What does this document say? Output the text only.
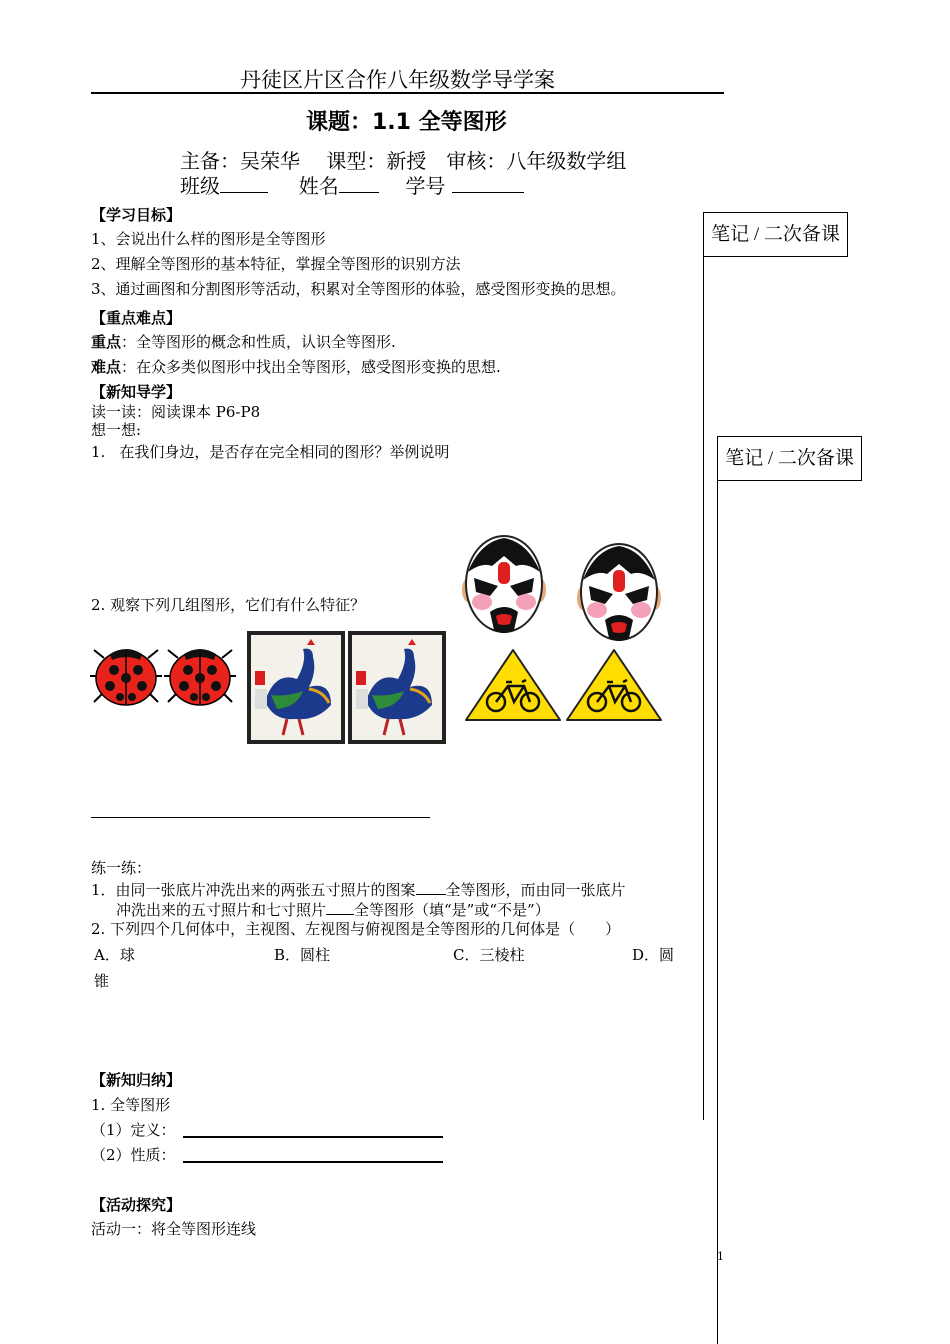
丹徒区片区合作八年级数学导学案
课题：1.1 全等图形
主备：吴荣华　 课型：新授　审核：八年级数学组
班级	姓名	学号
笔记 / 二次备课
笔记 / 二次备课
【学习目标】
1、会说出什么样的图形是全等图形
2、理解全等图形的基本特征，掌握全等图形的识别方法
3、通过画图和分割图形等活动，积累对全等图形的体验，感受图形变换的思想。
【重点难点】
重点：全等图形的概念和性质，认识全等图形.
难点：在众多类似图形中找出全等图形，感受图形变换的思想.
【新知导学】
读一读：阅读课本 P6-P8
想一想:
1. 在我们身边，是否存在完全相同的图形？举例说明
2. 观察下列几组图形，它们有什么特征？
练一练：
1．由同一张底片冲洗出来的两张五寸照片的图案 全等图形，而由同一张底片
冲洗出来的五寸照片和七寸照片 全等图形（填“是”或“不是”）
2. 下列四个几何体中，主视图、左视图与俯视图是全等图形的几何体是（　　）
A．球	B．圆柱	C．三棱柱	D．圆
锥
【新知归纳】
1. 全等图形
（1）定义：
（2）性质：
【活动探究】
活动一：将全等图形连线
1
